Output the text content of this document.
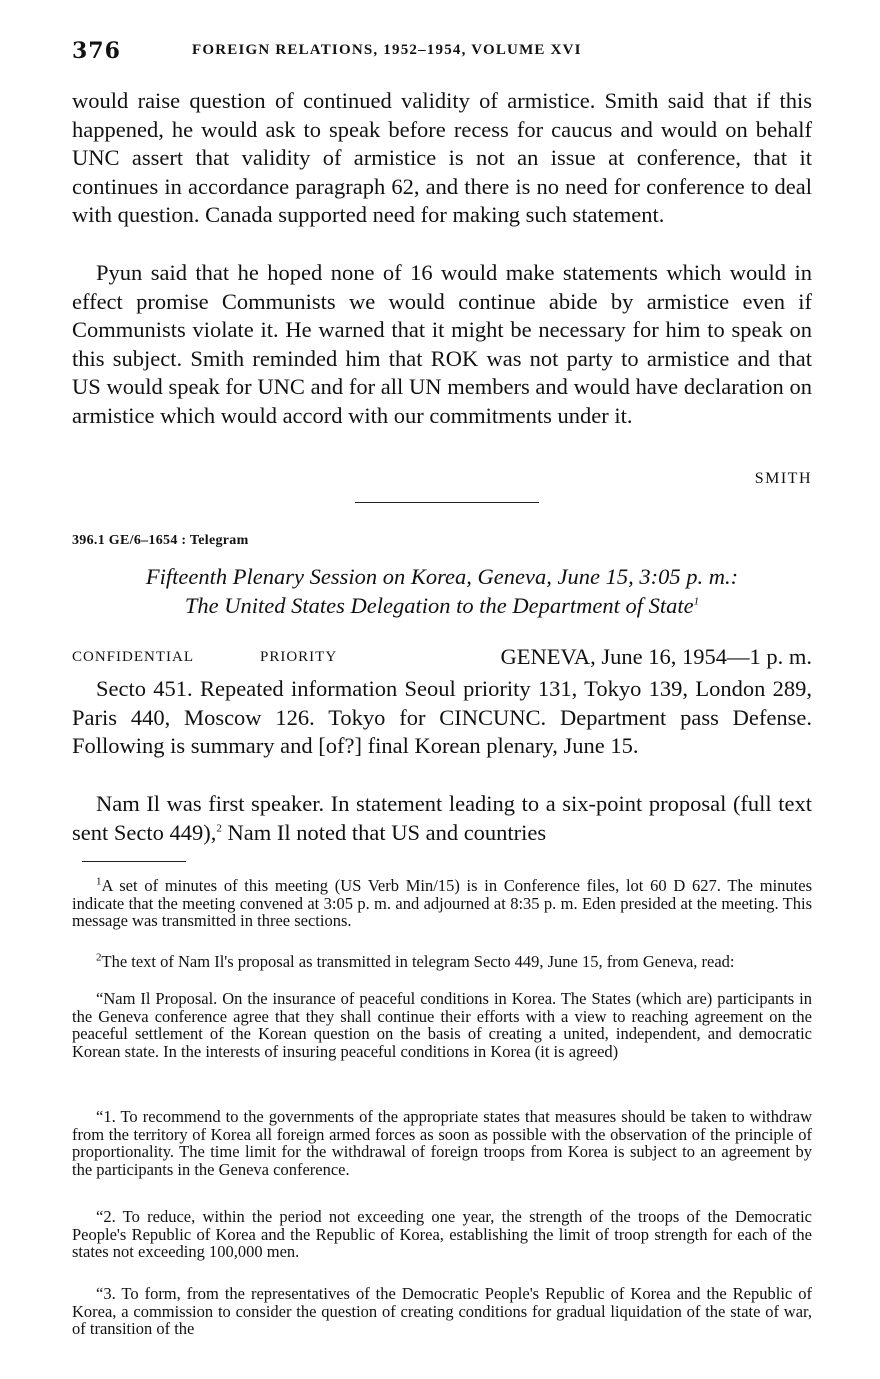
376	FOREIGN RELATIONS, 1952–1954, VOLUME XVI

would raise question of continued validity of armistice. Smith said that if this happened, he would ask to speak before recess for caucus and would on behalf UNC assert that validity of armistice is not an issue at conference, that it continues in accordance paragraph 62, and there is no need for conference to deal with question. Canada supported need for making such statement.

Pyun said that he hoped none of 16 would make statements which would in effect promise Communists we would continue abide by armistice even if Communists violate it. He warned that it might be necessary for him to speak on this subject. Smith reminded him that ROK was not party to armistice and that US would speak for UNC and for all UN members and would have declaration on armistice which would accord with our commitments under it.

SMITH
396.1 GE/6–1654 : Telegram

Fifteenth Plenary Session on Korea, Geneva, June 15, 3:05 p. m.:
The United States Delegation to the Department of State$^1$

CONFIDENTIAL	PRIORITY	GENEVA, June 16, 1954—1 p. m.

Secto 451. Repeated information Seoul priority 131, Tokyo 139, London 289, Paris 440, Moscow 126. Tokyo for CINCUNC. Department pass Defense. Following is summary and [of?] final Korean plenary, June 15.

Nam Il was first speaker. In statement leading to a six-point proposal (full text sent Secto 449),$^2$ Nam Il noted that US and countries

$^1$A set of minutes of this meeting (US Verb Min/15) is in Conference files, lot 60 D 627. The minutes indicate that the meeting convened at 3:05 p. m. and adjourned at 8:35 p. m. Eden presided at the meeting. This message was transmitted in three sections.

$^2$The text of Nam Il's proposal as transmitted in telegram Secto 449, June 15, from Geneva, read:

“Nam Il Proposal. On the insurance of peaceful conditions in Korea. The States (which are) participants in the Geneva conference agree that they shall continue their efforts with a view to reaching agreement on the peaceful settlement of the Korean question on the basis of creating a united, independent, and democratic Korean state. In the interests of insuring peaceful conditions in Korea (it is agreed)

“1. To recommend to the governments of the appropriate states that measures should be taken to withdraw from the territory of Korea all foreign armed forces as soon as possible with the observation of the principle of proportionality. The time limit for the withdrawal of foreign troops from Korea is subject to an agreement by the participants in the Geneva conference.

“2. To reduce, within the period not exceeding one year, the strength of the troops of the Democratic People's Republic of Korea and the Republic of Korea, establishing the limit of troop strength for each of the states not exceeding 100,000 men.

“3. To form, from the representatives of the Democratic People's Republic of Korea and the Republic of Korea, a commission to consider the question of creating conditions for gradual liquidation of the state of war, of transition of the
